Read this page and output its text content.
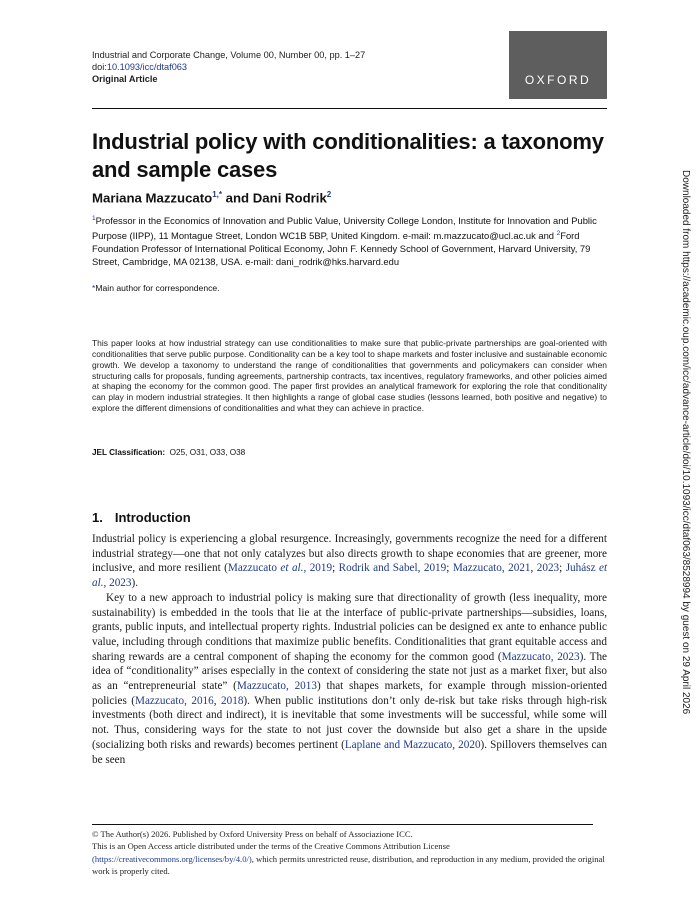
Industrial and Corporate Change, Volume 00, Number 00, pp. 1–27
doi:10.1093/icc/dtaf063
Original Article	OXFORD
Industrial policy with conditionalities: a taxonomy and sample cases
Mariana Mazzucato$^{1,*}$ and Dani Rodrik$^2$
$^1$Professor in the Economics of Innovation and Public Value, University College London, Institute for Innovation and Public Purpose (IIPP), 11 Montague Street, London WC1B 5BP, United Kingdom. e-mail: m.mazzucato@ucl.ac.uk and $^2$Ford Foundation Professor of International Political Economy, John F. Kennedy School of Government, Harvard University, 79 Street, Cambridge, MA 02138, USA. e-mail: dani_rodrik@hks.harvard.edu
*Main author for correspondence.

This paper looks at how industrial strategy can use conditionalities to make sure that public-private partnerships are goal-oriented with conditionalities that serve public purpose. Conditionality can be a key tool to shape markets and foster inclusive and sustainable economic growth. We develop a taxonomy to understand the range of conditionalities that governments and policymakers can consider when structuring calls for proposals, funding agreements, partnership contracts, tax incentives, regulatory frameworks, and other policies aimed at shaping the economy for the common good. The paper first provides an analytical framework for exploring the role that conditionality can play in modern industrial strategies. It then highlights a range of global case studies (lessons learned, both positive and negative) to explore the different dimensions of conditionalities and what they can achieve in practice.

JEL Classification: O25, O31, O33, O38
1. Introduction

Industrial policy is experiencing a global resurgence. Increasingly, governments recognize the need for a different industrial strategy—one that not only catalyzes but also directs growth to shape economies that are greener, more inclusive, and more resilient (Mazzucato et al., 2019; Rodrik and Sabel, 2019; Mazzucato, 2021, 2023; Juhász et al., 2023).

Key to a new approach to industrial policy is making sure that directionality of growth (less inequality, more sustainability) is embedded in the tools that lie at the interface of public-private partnerships—subsidies, loans, grants, public inputs, and intellectual property rights. Industrial policies can be designed ex ante to enhance public value, including through conditions that maximize public benefits. Conditionalities that grant equitable access and sharing rewards are a central component of shaping the economy for the common good (Mazzucato, 2023). The idea of “conditionality” arises especially in the context of considering the state not just as a market fixer, but also as an “entrepreneurial state” (Mazzucato, 2013) that shapes markets, for example through mission-oriented policies (Mazzucato, 2016, 2018). When public institutions don’t only de-risk but take risks through high-risk investments (both direct and indirect), it is inevitable that some investments will be successful, while some will not. Thus, considering ways for the state to not just cover the downside but also get a share in the upside (socializing both risks and rewards) becomes pertinent (Laplane and Mazzucato, 2020). Spillovers themselves can be seen

© The Author(s) 2026. Published by Oxford University Press on behalf of Associazione ICC.
This is an Open Access article distributed under the terms of the Creative Commons Attribution License (https://creativecommons.org/licenses/by/4.0/), which permits unrestricted reuse, distribution, and reproduction in any medium, provided the original work is properly cited.
Downloaded from https://academic.oup.com/icc/advance-article/doi/10.1093/icc/dtaf063/8528994 by guest on 29 April 2026
